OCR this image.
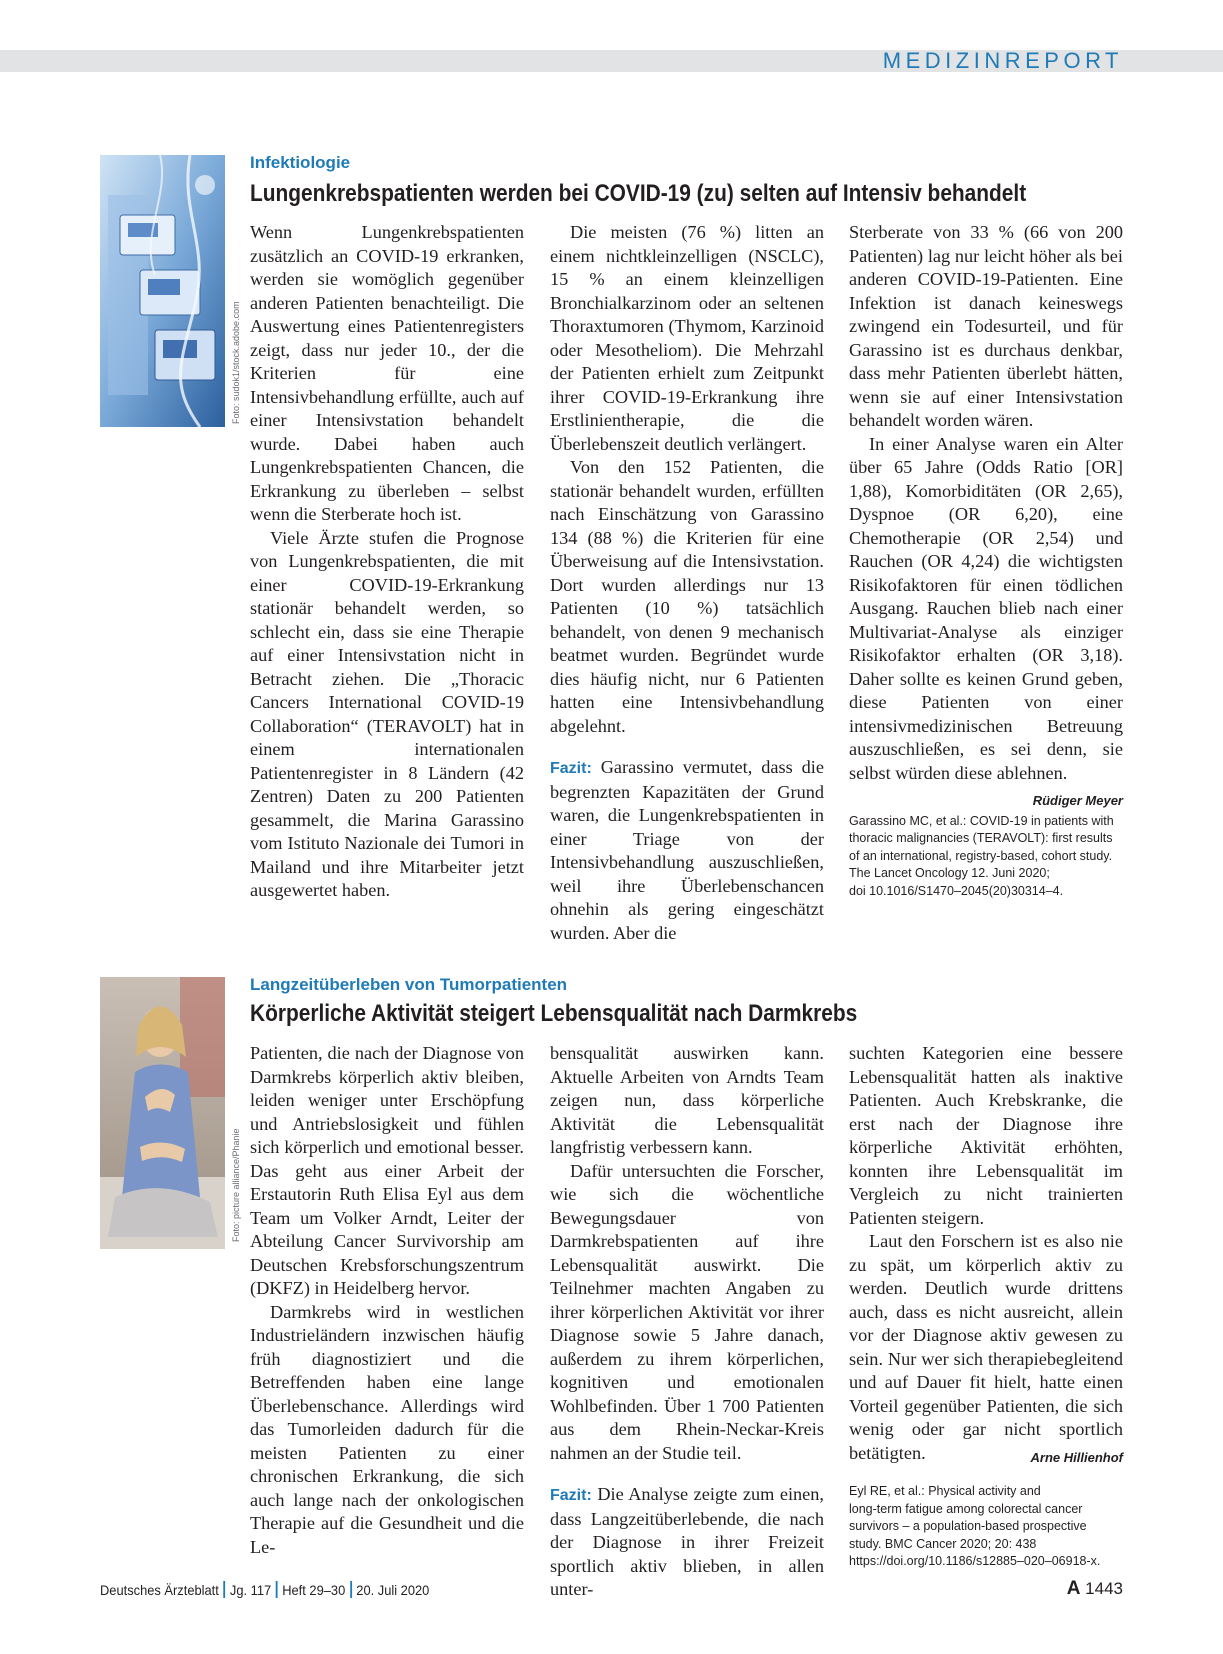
MEDIZINREPORT
Foto: sudok1/stock.adobe.com
Infektiologie
Lungenkrebspatienten werden bei COVID-19 (zu) selten auf Intensiv behandelt

Wenn Lungenkrebspatienten zusätzlich an COVID-19 erkranken, werden sie womöglich gegenüber anderen Patienten benachteiligt. Die Auswertung eines Patientenregisters zeigt, dass nur jeder 10., der die Kriterien für eine Intensivbehandlung erfüllte, auch auf einer Intensivstation behandelt wurde. Dabei haben auch Lungenkrebspatienten Chancen, die Erkrankung zu überleben – selbst wenn die Sterberate hoch ist.

Viele Ärzte stufen die Prognose von Lungenkrebspatienten, die mit einer COVID-19-Erkrankung stationär behandelt werden, so schlecht ein, dass sie eine Therapie auf einer Intensivstation nicht in Betracht ziehen. Die „Thoracic Cancers International COVID-19 Collaboration“ (TERAVOLT) hat in einem internationalen Patientenregister in 8 Ländern (42 Zentren) Daten zu 200 Patienten gesammelt, die Marina Garassino vom Istituto Nazionale dei Tumori in Mailand und ihre Mitarbeiter jetzt ausgewertet haben.

Die meisten (76 %) litten an einem nichtkleinzelligen (NSCLC), 15 % an einem kleinzelligen Bronchialkarzinom oder an seltenen Thoraxtumoren (Thymom, Karzinoid oder Mesotheliom). Die Mehrzahl der Patienten erhielt zum Zeitpunkt ihrer COVID-19-Erkrankung ihre Erstlinientherapie, die die Überlebenszeit deutlich verlängert.

Von den 152 Patienten, die stationär behandelt wurden, erfüllten nach Einschätzung von Garassino 134 (88 %) die Kriterien für eine Überweisung auf die Intensivstation. Dort wurden allerdings nur 13 Patienten (10 %) tatsächlich behandelt, von denen 9 mechanisch beatmet wurden. Begründet wurde dies häufig nicht, nur 6 Patienten hatten eine Intensivbehandlung abgelehnt.

Fazit: Garassino vermutet, dass die begrenzten Kapazitäten der Grund waren, die Lungenkrebspatienten in einer Triage von der Intensivbehandlung auszuschließen, weil ihre Überlebenschancen ohnehin als gering eingeschätzt wurden. Aber die

Sterberate von 33 % (66 von 200 Patienten) lag nur leicht höher als bei anderen COVID-19-Patienten. Eine Infektion ist danach keineswegs zwingend ein Todesurteil, und für Garassino ist es durchaus denkbar, dass mehr Patienten überlebt hätten, wenn sie auf einer Intensivstation behandelt worden wären.

In einer Analyse waren ein Alter über 65 Jahre (Odds Ratio [OR] 1,88), Komorbiditäten (OR 2,65), Dyspnoe (OR 6,20), eine Chemotherapie (OR 2,54) und Rauchen (OR 4,24) die wichtigsten Risikofaktoren für einen tödlichen Ausgang. Rauchen blieb nach einer Multivariat-Analyse als einziger Risikofaktor erhalten (OR 3,18). Daher sollte es keinen Grund geben, diese Patienten von einer intensivmedizinischen Betreuung auszuschließen, es sei denn, sie selbst würden diese ablehnen.
Rüdiger Meyer

Garassino MC, et al.: COVID-19 in patients with
thoracic malignancies (TERAVOLT): first results
of an international, registry-based, cohort study.
The Lancet Oncology 12. Juni 2020;
doi 10.1016/S1470–2045(20)30314–4.
Foto: picture alliance/Phanie
Langzeitüberleben von Tumorpatienten
Körperliche Aktivität steigert Lebensqualität nach Darmkrebs

Patienten, die nach der Diagnose von Darmkrebs körperlich aktiv bleiben, leiden weniger unter Erschöpfung und Antriebslosigkeit und fühlen sich körperlich und emotional besser. Das geht aus einer Arbeit der Erstautorin Ruth Elisa Eyl aus dem Team um Volker Arndt, Leiter der Abteilung Cancer Survivorship am Deutschen Krebsforschungszentrum (DKFZ) in Heidelberg hervor.

Darmkrebs wird in westlichen Industrieländern inzwischen häufig früh diagnostiziert und die Betreffenden haben eine lange Überlebenschance. Allerdings wird das Tumorleiden dadurch für die meisten Patienten zu einer chronischen Erkrankung, die sich auch lange nach der onkologischen Therapie auf die Gesundheit und die Le-

bensqualität auswirken kann. Aktuelle Arbeiten von Arndts Team zeigen nun, dass körperliche Aktivität die Lebensqualität langfristig verbessern kann.

Dafür untersuchten die Forscher, wie sich die wöchentliche Bewegungsdauer von Darmkrebspatienten auf ihre Lebensqualität auswirkt. Die Teilnehmer machten Angaben zu ihrer körperlichen Aktivität vor ihrer Diagnose sowie 5 Jahre danach, außerdem zu ihrem körperlichen, kognitiven und emotionalen Wohlbefinden. Über 1 700 Patienten aus dem Rhein-Neckar-Kreis nahmen an der Studie teil.

Fazit: Die Analyse zeigte zum einen, dass Langzeitüberlebende, die nach der Diagnose in ihrer Freizeit sportlich aktiv blieben, in allen unter-

suchten Kategorien eine bessere Lebensqualität hatten als inaktive Patienten. Auch Krebskranke, die erst nach der Diagnose ihre körperliche Aktivität erhöhten, konnten ihre Lebensqualität im Vergleich zu nicht trainierten Patienten steigern.

Laut den Forschern ist es also nie zu spät, um körperlich aktiv zu werden. Deutlich wurde drittens auch, dass es nicht ausreicht, allein vor der Diagnose aktiv gewesen zu sein. Nur wer sich therapiebegleitend und auf Dauer fit hielt, hatte einen Vorteil gegenüber Patienten, die sich wenig oder gar nicht sportlich betätigten.	Arne Hillienhof

Eyl RE, et al.: Physical activity and
long-term fatigue among colorectal cancer
survivors – a population-based prospective
study. BMC Cancer 2020; 20: 438
https://doi.org/10.1186/s12885–020–06918-x.
Deutsches Ärzteblatt Jg. 117 Heft 29–30 20. Juli 2020	A 1443
